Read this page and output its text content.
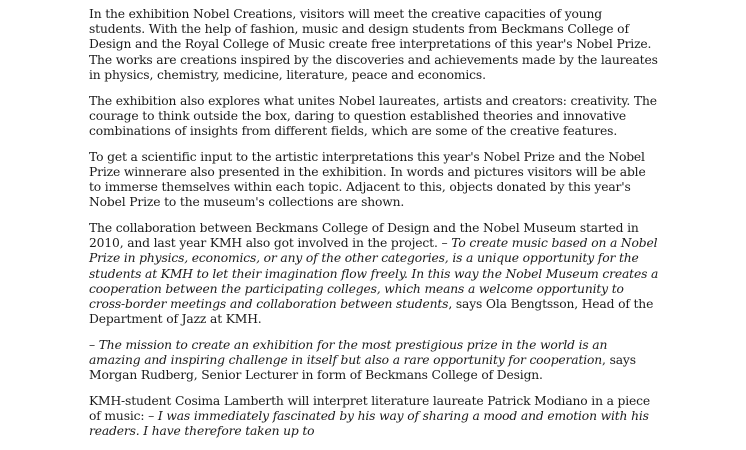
In the exhibition Nobel Creations, visitors will meet the creative capacities of young students. With the help of fashion, music and design students from Beckmans College of Design and the Royal College of Music create free interpretations of this year's Nobel Prize. The works are creations inspired by the discoveries and achievements made by the laureates in physics, chemistry, medicine, literature, peace and economics.

The exhibition also explores what unites Nobel laureates, artists and creators: creativity. The courage to think outside the box, daring to question established theories and innovative combinations of insights from different fields, which are some of the creative features.

To get a scientific input to the artistic interpretations this year's Nobel Prize and the Nobel Prize winnerare also presented in the exhibition. In words and pictures visitors will be able to immerse themselves within each topic. Adjacent to this, objects donated by this year's Nobel Prize to the museum's collections are shown.

The collaboration between Beckmans College of Design and the Nobel Museum started in 2010, and last year KMH also got involved in the project. – To create music based on a Nobel Prize in physics, economics, or any of the other categories, is a unique opportunity for the students at KMH to let their imagination flow freely. In this way the Nobel Museum creates a cooperation between the participating colleges, which means a welcome opportunity to cross-border meetings and collaboration between students, says Ola Bengtsson, Head of the Department of Jazz at KMH.

– The mission to create an exhibition for the most prestigious prize in the world is an amazing and inspiring challenge in itself but also a rare opportunity for cooperation, says Morgan Rudberg, Senior Lecturer in form of Beckmans College of Design.

KMH-student Cosima Lamberth will interpret literature laureate Patrick Modiano in a piece of music: – I was immediately fascinated by his way of sharing a mood and emotion with his readers. I have therefore taken up to
